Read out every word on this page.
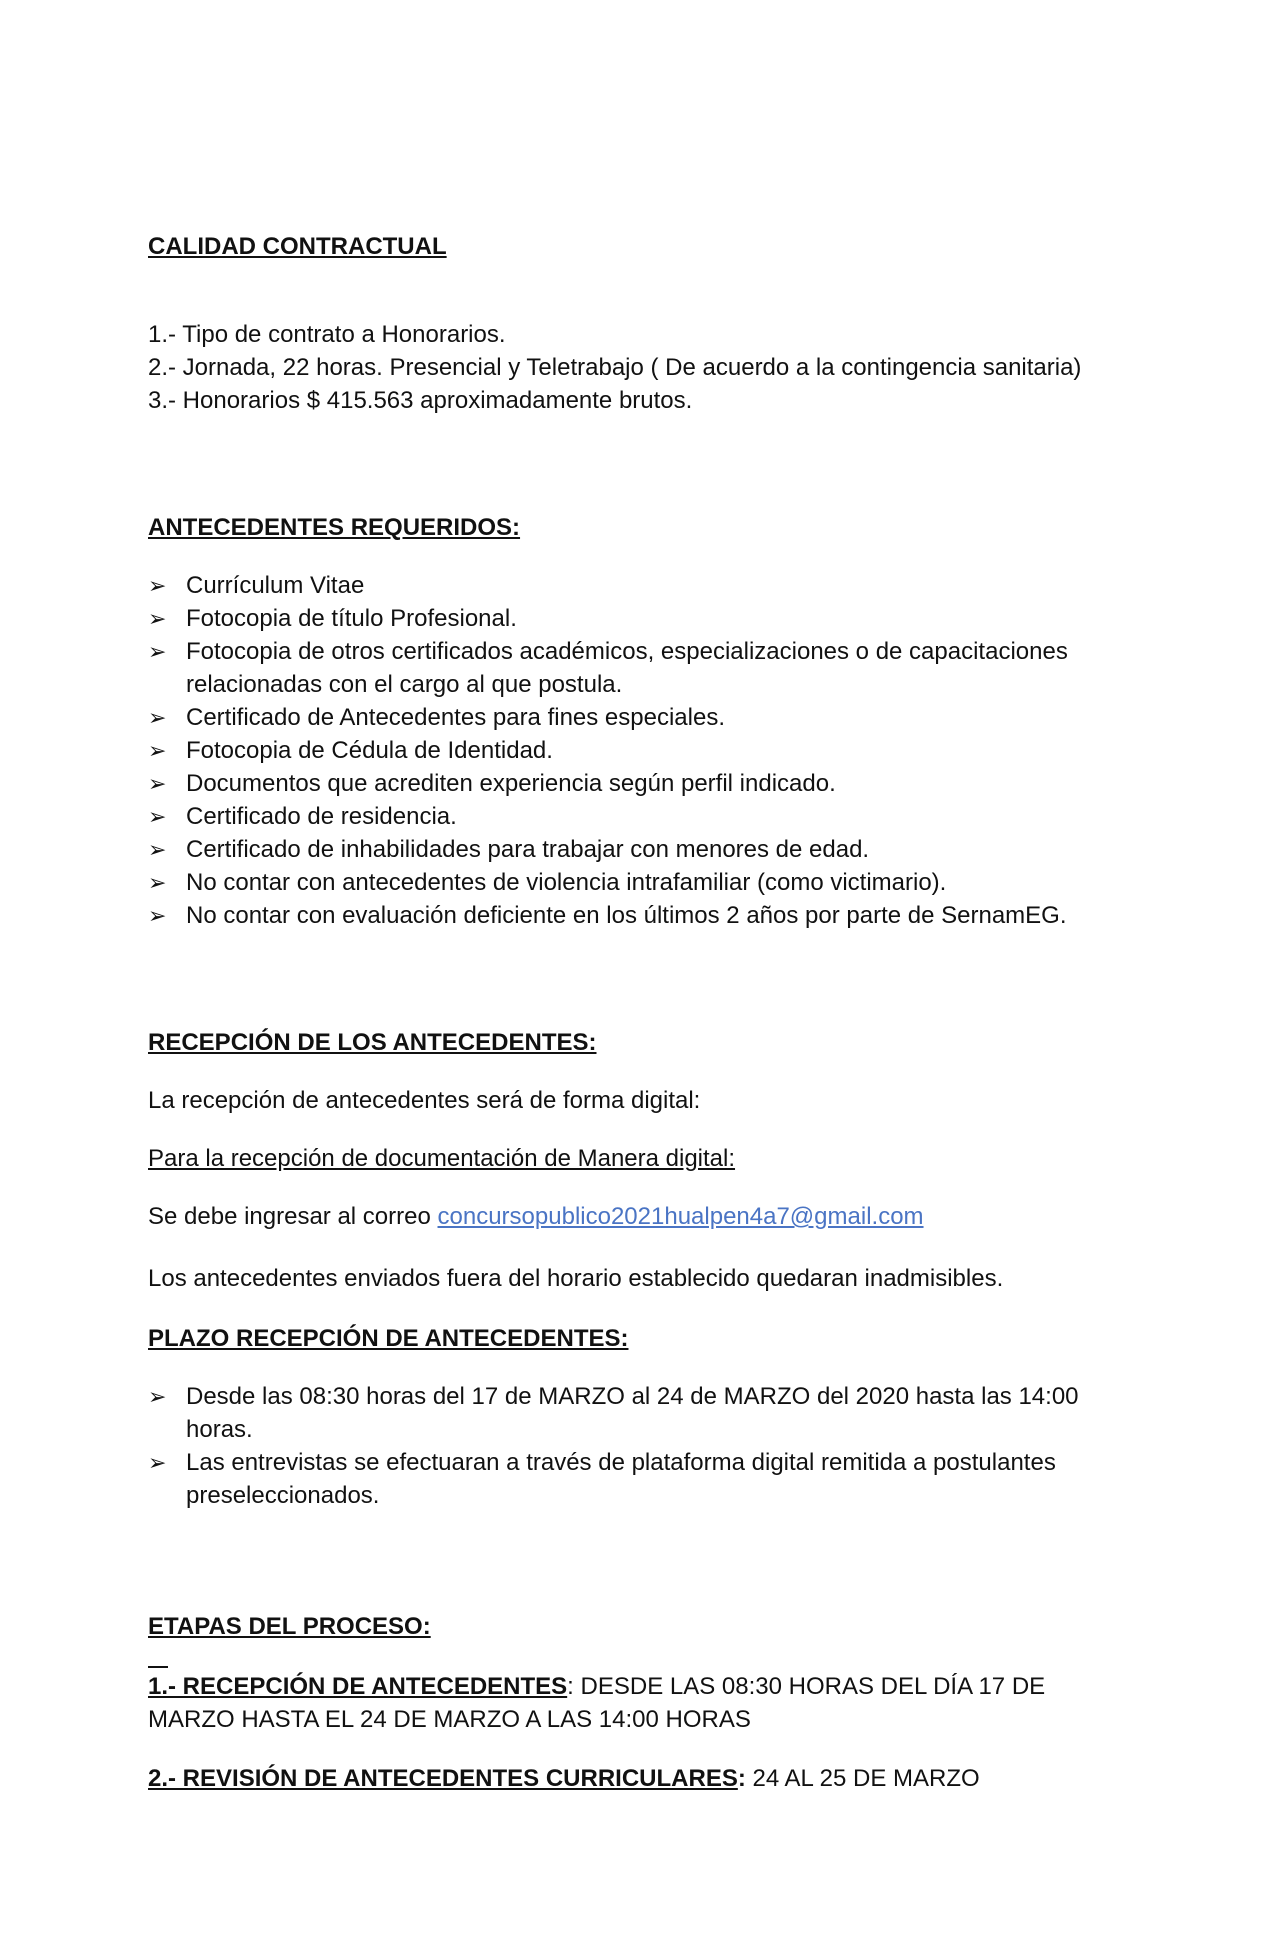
CALIDAD CONTRACTUAL
1.- Tipo de contrato a Honorarios.
2.- Jornada, 22 horas. Presencial y Teletrabajo ( De acuerdo a la contingencia sanitaria)
3.- Honorarios $ 415.563 aproximadamente brutos.
ANTECEDENTES REQUERIDOS:
➢ Currículum Vitae
➢ Fotocopia de título Profesional.
➢ Fotocopia de otros certificados académicos, especializaciones o de capacitaciones relacionadas con el cargo al que postula.
➢ Certificado de Antecedentes para fines especiales.
➢ Fotocopia de Cédula de Identidad.
➢ Documentos que acrediten experiencia según perfil indicado.
➢ Certificado de residencia.
➢ Certificado de inhabilidades para trabajar con menores de edad.
➢ No contar con antecedentes de violencia intrafamiliar (como victimario).
➢ No contar con evaluación deficiente en los últimos 2 años por parte de SernamEG.
RECEPCIÓN DE LOS ANTECEDENTES:
La recepción de antecedentes será de forma digital:
Para la recepción de documentación de Manera digital:
Se debe ingresar al correo concursopublico2021hualpen4a7@gmail.com
Los antecedentes enviados fuera del horario establecido quedaran inadmisibles.
PLAZO RECEPCIÓN DE ANTECEDENTES:
➢ Desde las 08:30 horas del 17 de MARZO al 24 de MARZO del 2020 hasta las 14:00 horas.
➢ Las entrevistas se efectuaran a través de plataforma digital remitida a postulantes preseleccionados.
ETAPAS DEL PROCESO:
1.- RECEPCIÓN DE ANTECEDENTES: DESDE LAS 08:30 HORAS DEL DÍA 17 DE MARZO HASTA EL 24 DE MARZO A LAS 14:00 HORAS
2.- REVISIÓN DE ANTECEDENTES CURRICULARES: 24 AL 25 DE MARZO
